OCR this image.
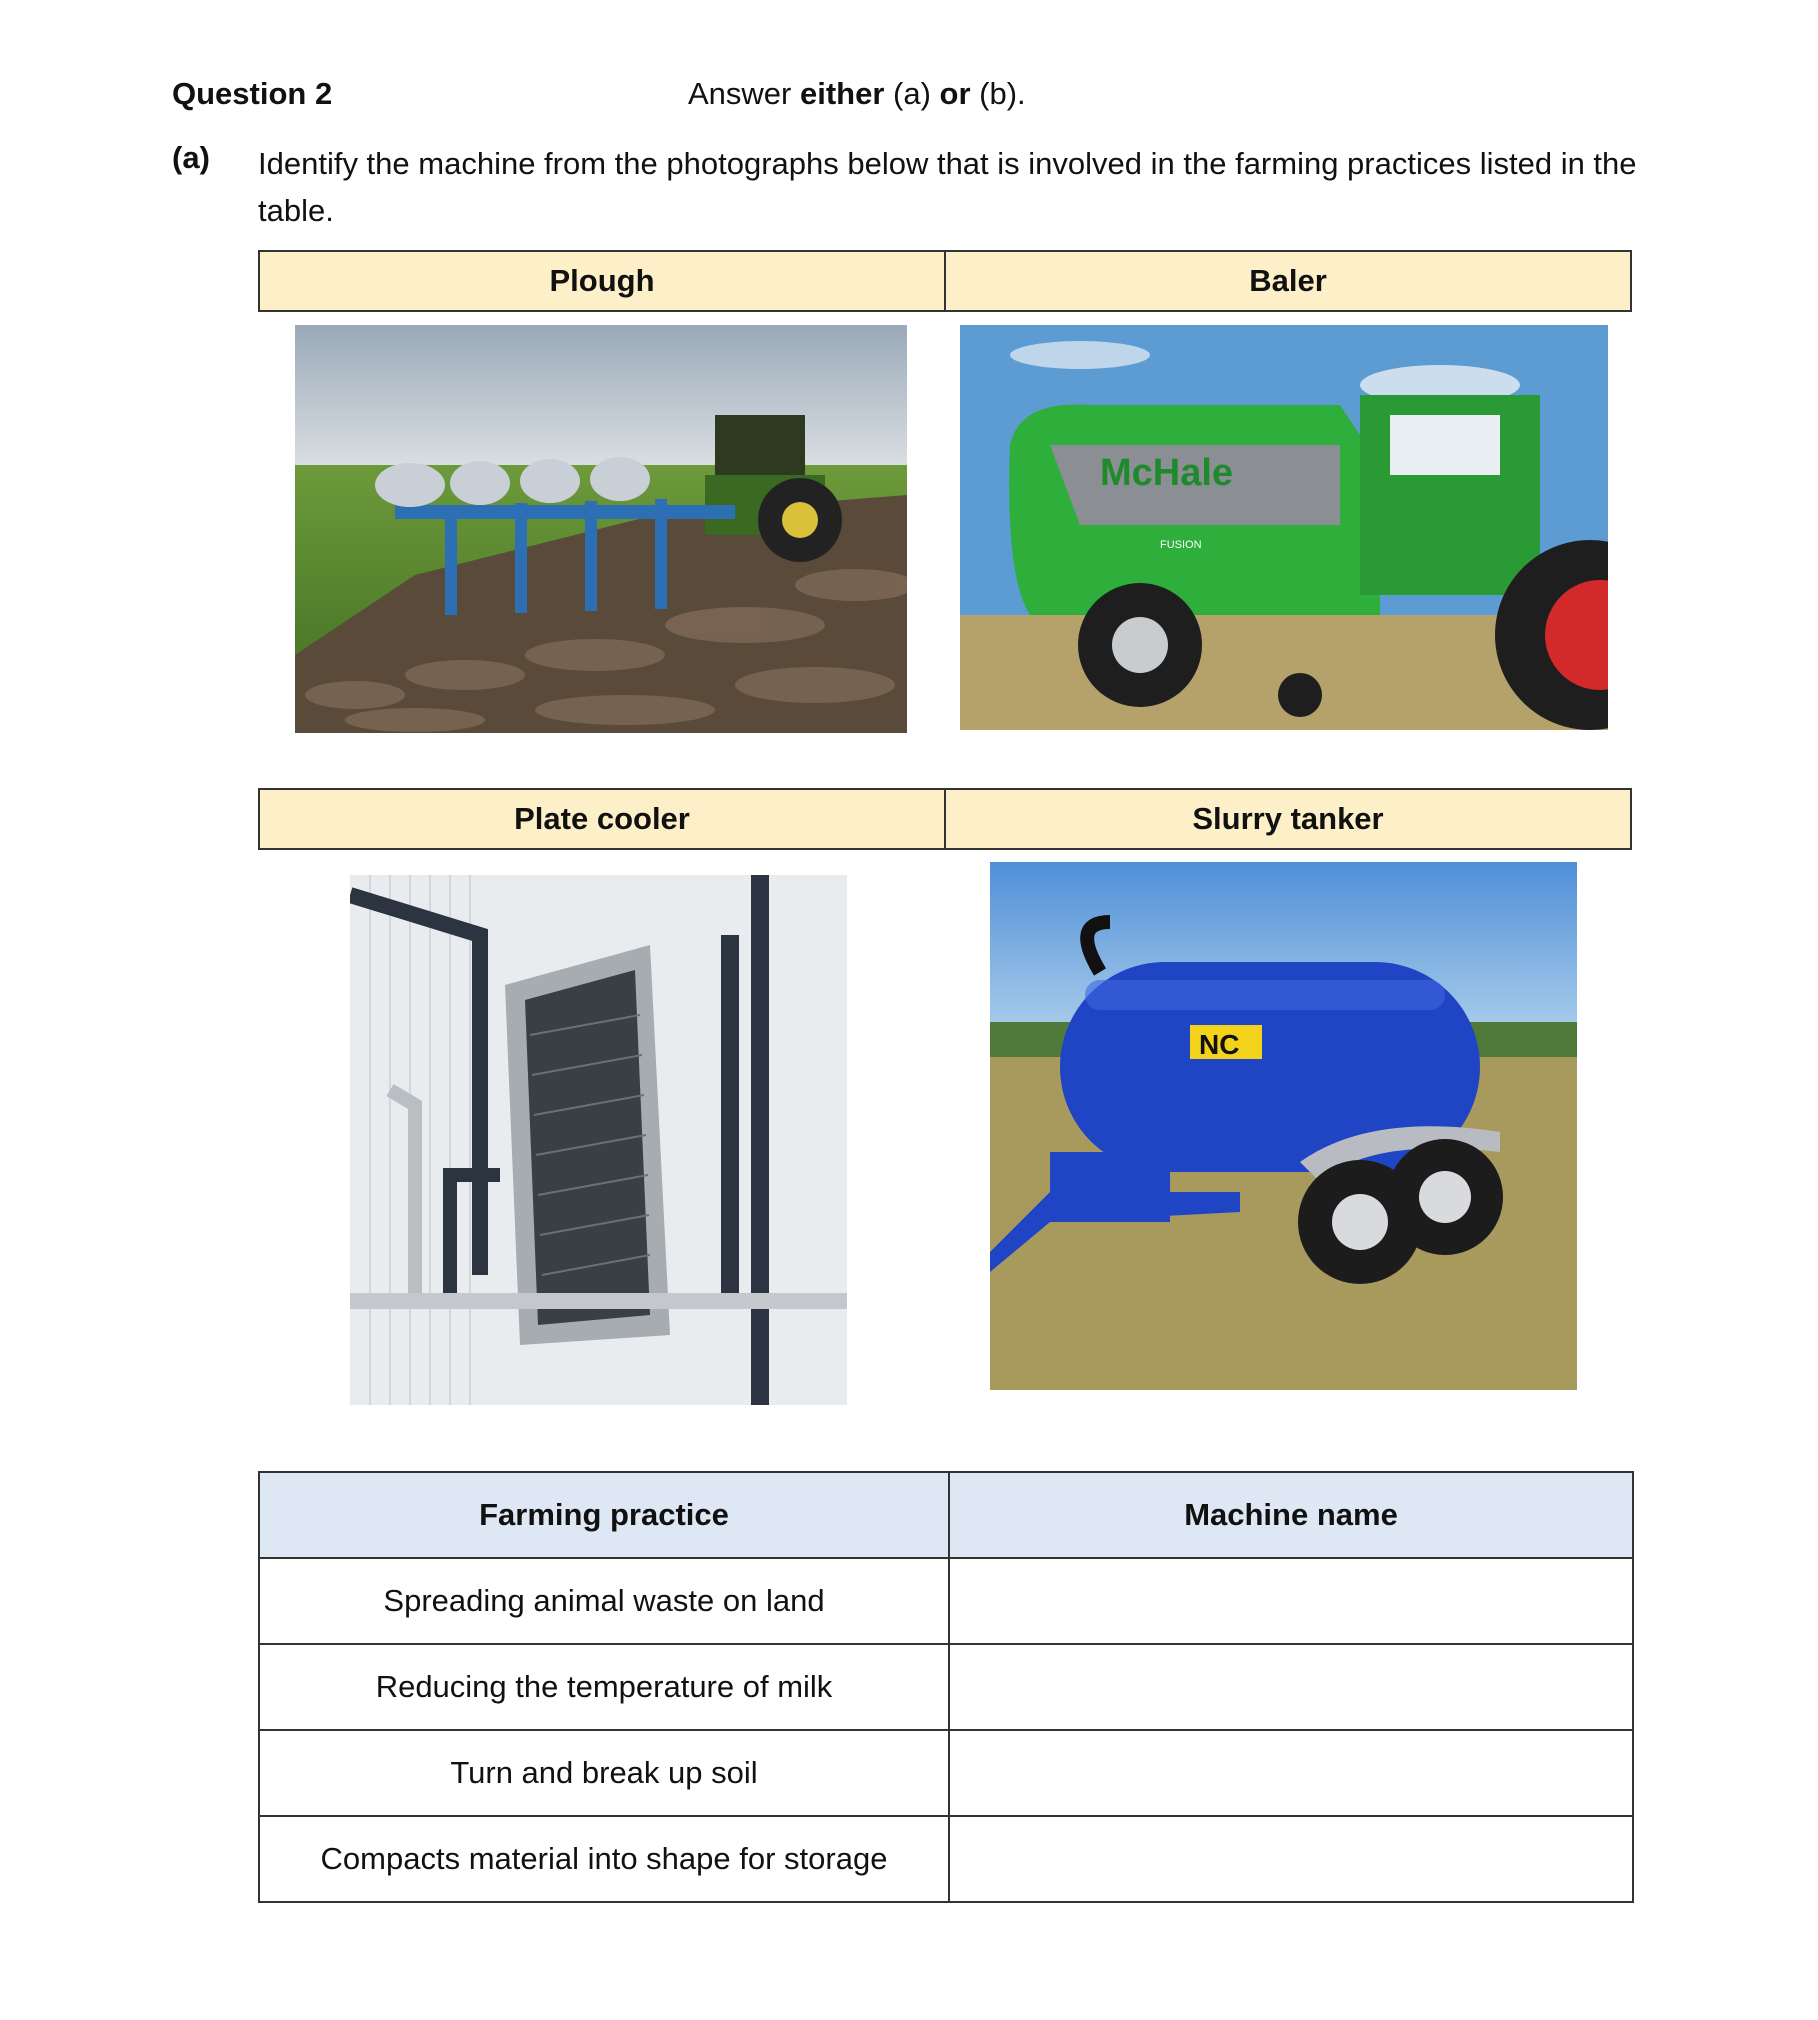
Question 2	Answer either (a) or (b).
(a) Identify the machine from the photographs below that is involved in the farming practices listed in the table.
Plough	Baler
McHale
FUSION
Plate cooler	Slurry tanker
NC
Farming practice	Machine name
Spreading animal waste on land	
Reducing the temperature of milk	
Turn and break up soil	
Compacts material into shape for storage	
